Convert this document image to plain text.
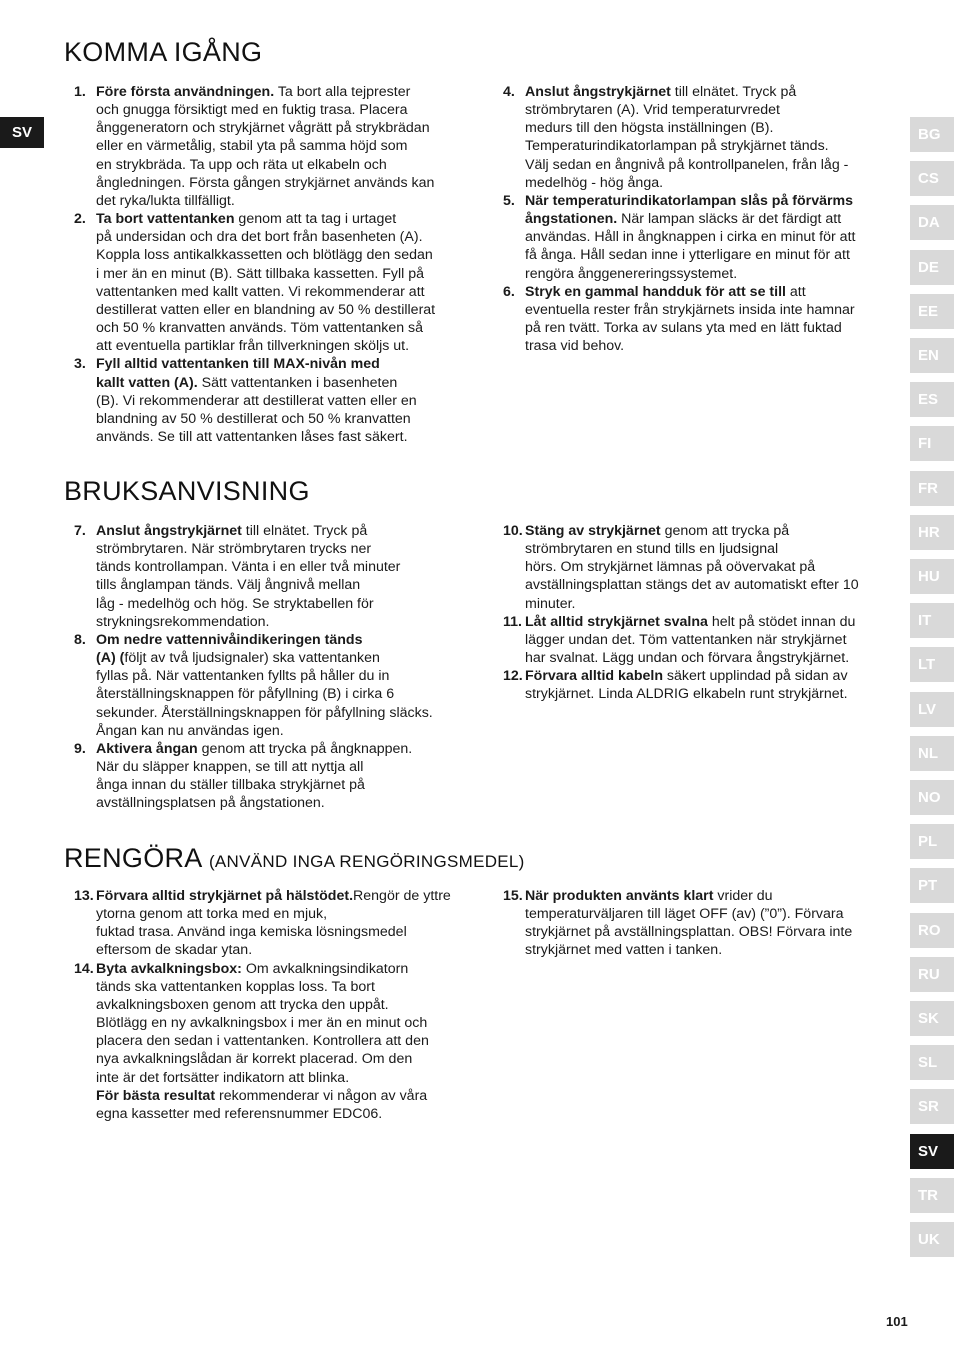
SV
KOMMA IGÅNG
1. Före första användningen. Ta bort alla tejprester
och gnugga försiktigt med en fuktig trasa. Placera
ånggeneratorn och strykjärnet vågrätt på strykbrädan
eller en värmetålig, stabil yta på samma höjd som
en strykbräda. Ta upp och räta ut elkabeln och
ångledningen. Första gången strykjärnet används kan
det ryka/lukta tillfälligt.
2. Ta bort vattentanken genom att ta tag i urtaget
på undersidan och dra det bort från basenheten (A).
Koppla loss antikalkkassetten och blötlägg den sedan
i mer än en minut (B). Sätt tillbaka kassetten. Fyll på
vattentanken med kallt vatten. Vi rekommenderar att
destillerat vatten eller en blandning av 50 % destillerat
och 50 % kranvatten används. Töm vattentanken så
att eventuella partiklar från tillverkningen sköljs ut.
3. Fyll alltid vattentanken till MAX-nivån med
kallt vatten (A). Sätt vattentanken i basenheten
(B). Vi rekommenderar att destillerat vatten eller en
blandning av 50 % destillerat och 50 % kranvatten
används. Se till att vattentanken låses fast säkert.
4. Anslut ångstrykjärnet till elnätet. Tryck på
strömbrytaren (A). Vrid temperaturvredet
medurs till den högsta inställningen (B).
Temperaturindikatorlampan på strykjärnet tänds.
Välj sedan en ångnivå på kontrollpanelen, från låg -
medelhög - hög ånga.
5. När temperaturindikatorlampan slås på förvärms
ångstationen. När lampan släcks är det färdigt att
användas. Håll in ångknappen i cirka en minut för att
få ånga. Håll sedan inne i ytterligare en minut för att
rengöra ånggenereringssystemet.
6. Stryk en gammal handduk för att se till att
eventuella rester från strykjärnets insida inte hamnar
på ren tvätt. Torka av sulans yta med en lätt fuktad
trasa vid behov.
BRUKSANVISNING
7. Anslut ångstrykjärnet till elnätet. Tryck på
strömbrytaren. När strömbrytaren trycks ner
tänds kontrollampan. Vänta i en eller två minuter
tills ånglampan tänds. Välj ångnivå mellan
låg - medelhög och hög. Se stryktabellen för
strykningsrekommendation.
8. Om nedre vattennivåindikeringen tänds
(A) (följt av två ljudsignaler) ska vattentanken
fyllas på. När vattentanken fyllts på håller du in
återställningsknappen för påfyllning (B) i cirka 6
sekunder. Återställningsknappen för påfyllning släcks.
Ångan kan nu användas igen.
9. Aktivera ångan genom att trycka på ångknappen.
När du släpper knappen, se till att nyttja all
ånga innan du ställer tillbaka strykjärnet på
avställningsplatsen på ångstationen.
10. Stäng av strykjärnet genom att trycka på
strömbrytaren en stund tills en ljudsignal
hörs. Om strykjärnet lämnas på oövervakat på
avställningsplattan stängs det av automatiskt efter 10
minuter.
11. Låt alltid strykjärnet svalna helt på stödet innan du
lägger undan det. Töm vattentanken när strykjärnet
har svalnat. Lägg undan och förvara ångstrykjärnet.
12. Förvara alltid kabeln säkert upplindad på sidan av
strykjärnet. Linda ALDRIG elkabeln runt strykjärnet.
RENGÖRA (ANVÄND INGA RENGÖRINGSMEDEL)
13. Förvara alltid strykjärnet på hälstödet.Rengör de yttre ytorna genom att torka med en mjuk,
fuktad trasa. Använd inga kemiska lösningsmedel
eftersom de skadar ytan.
14. Byta avkalkningsbox: Om avkalkningsindikatorn
tänds ska vattentanken kopplas loss. Ta bort
avkalkningsboxen genom att trycka den uppåt.
Blötlägg en ny avkalkningsbox i mer än en minut och
placera den sedan i vattentanken. Kontrollera att den
nya avkalkningslådan är korrekt placerad. Om den
inte är det fortsätter indikatorn att blinka.
För bästa resultat rekommenderar vi någon av våra
egna kassetter med referensnummer EDC06.
15. När produkten använts klart vrider du
temperaturväljaren till läget OFF (av) (”0”). Förvara
strykjärnet på avställningsplattan. OBS! Förvara inte
strykjärnet med vatten i tanken.
BG
CS
DA
DE
EE
EN
ES
FI
FR
HR
HU
IT
LT
LV
NL
NO
PL
PT
RO
RU
SK
SL
SR
SV
TR
UK
101
